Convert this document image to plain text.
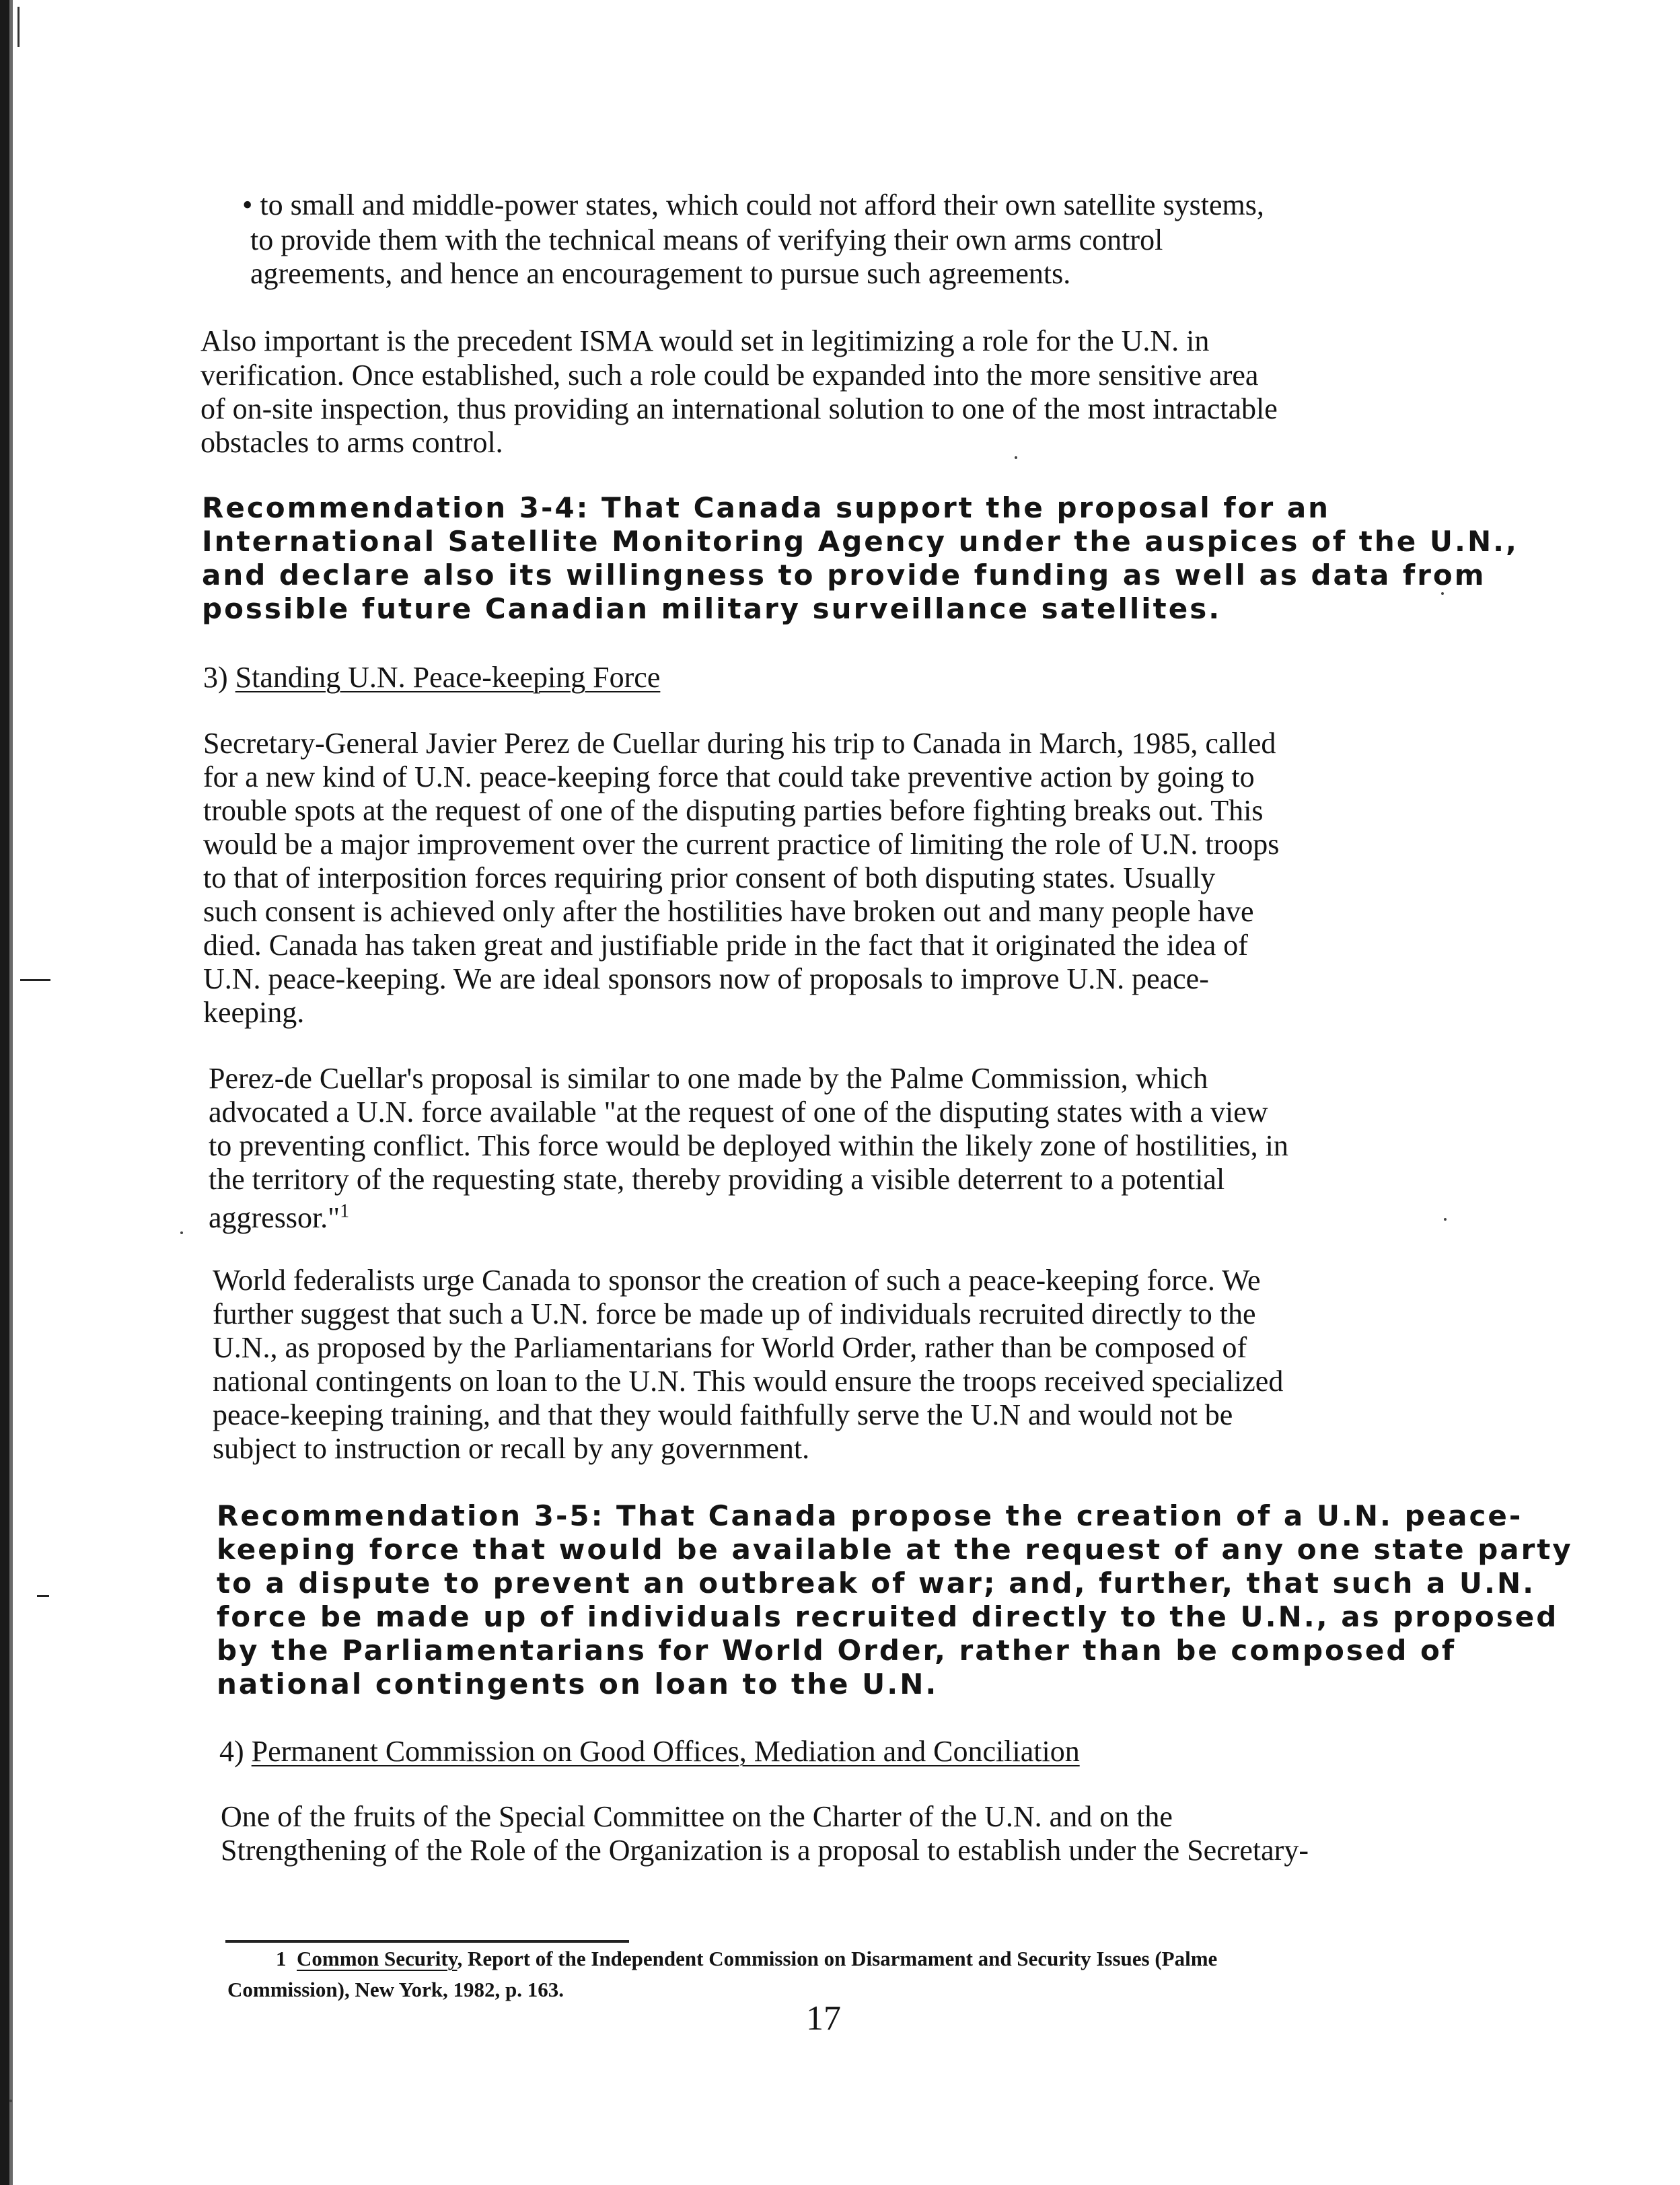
• to small and middle-power states, which could not afford their own satellite systems,
to provide them with the technical means of verifying their own arms control
agreements, and hence an encouragement to pursue such agreements.
Also important is the precedent ISMA would set in legitimizing a role for the U.N. in
verification. Once established, such a role could be expanded into the more sensitive area
of on-site inspection, thus providing an international solution to one of the most intractable
obstacles to arms control.
Recommendation 3-4: That Canada support the proposal for an
International Satellite Monitoring Agency under the auspices of the U.N.,
and declare also its willingness to provide funding as well as data from
possible future Canadian military surveillance satellites.
3) Standing U.N. Peace-keeping Force
Secretary-General Javier Perez de Cuellar during his trip to Canada in March, 1985, called
for a new kind of U.N. peace-keeping force that could take preventive action by going to
trouble spots at the request of one of the disputing parties before fighting breaks out. This
would be a major improvement over the current practice of limiting the role of U.N. troops
to that of interposition forces requiring prior consent of both disputing states. Usually
such consent is achieved only after the hostilities have broken out and many people have
died. Canada has taken great and justifiable pride in the fact that it originated the idea of
U.N. peace-keeping. We are ideal sponsors now of proposals to improve U.N. peace-
keeping.
Perez-de Cuellar's proposal is similar to one made by the Palme Commission, which
advocated a U.N. force available "at the request of one of the disputing states with a view
to preventing conflict. This force would be deployed within the likely zone of hostilities, in
the territory of the requesting state, thereby providing a visible deterrent to a potential
aggressor."$^1$
World federalists urge Canada to sponsor the creation of such a peace-keeping force. We
further suggest that such a U.N. force be made up of individuals recruited directly to the
U.N., as proposed by the Parliamentarians for World Order, rather than be composed of
national contingents on loan to the U.N. This would ensure the troops received specialized
peace-keeping training, and that they would faithfully serve the U.N and would not be
subject to instruction or recall by any government.
Recommendation 3-5: That Canada propose the creation of a U.N. peace-
keeping force that would be available at the request of any one state party
to a dispute to prevent an outbreak of war; and, further, that such a U.N.
force be made up of individuals recruited directly to the U.N., as proposed
by the Parliamentarians for World Order, rather than be composed of
national contingents on loan to the U.N.
4) Permanent Commission on Good Offices, Mediation and Conciliation
One of the fruits of the Special Committee on the Charter of the U.N. and on the
Strengthening of the Role of the Organization is a proposal to establish under the Secretary-
1 Common Security, Report of the Independent Commission on Disarmament and Security Issues (Palme
Commission), New York, 1982, p. 163.
17
